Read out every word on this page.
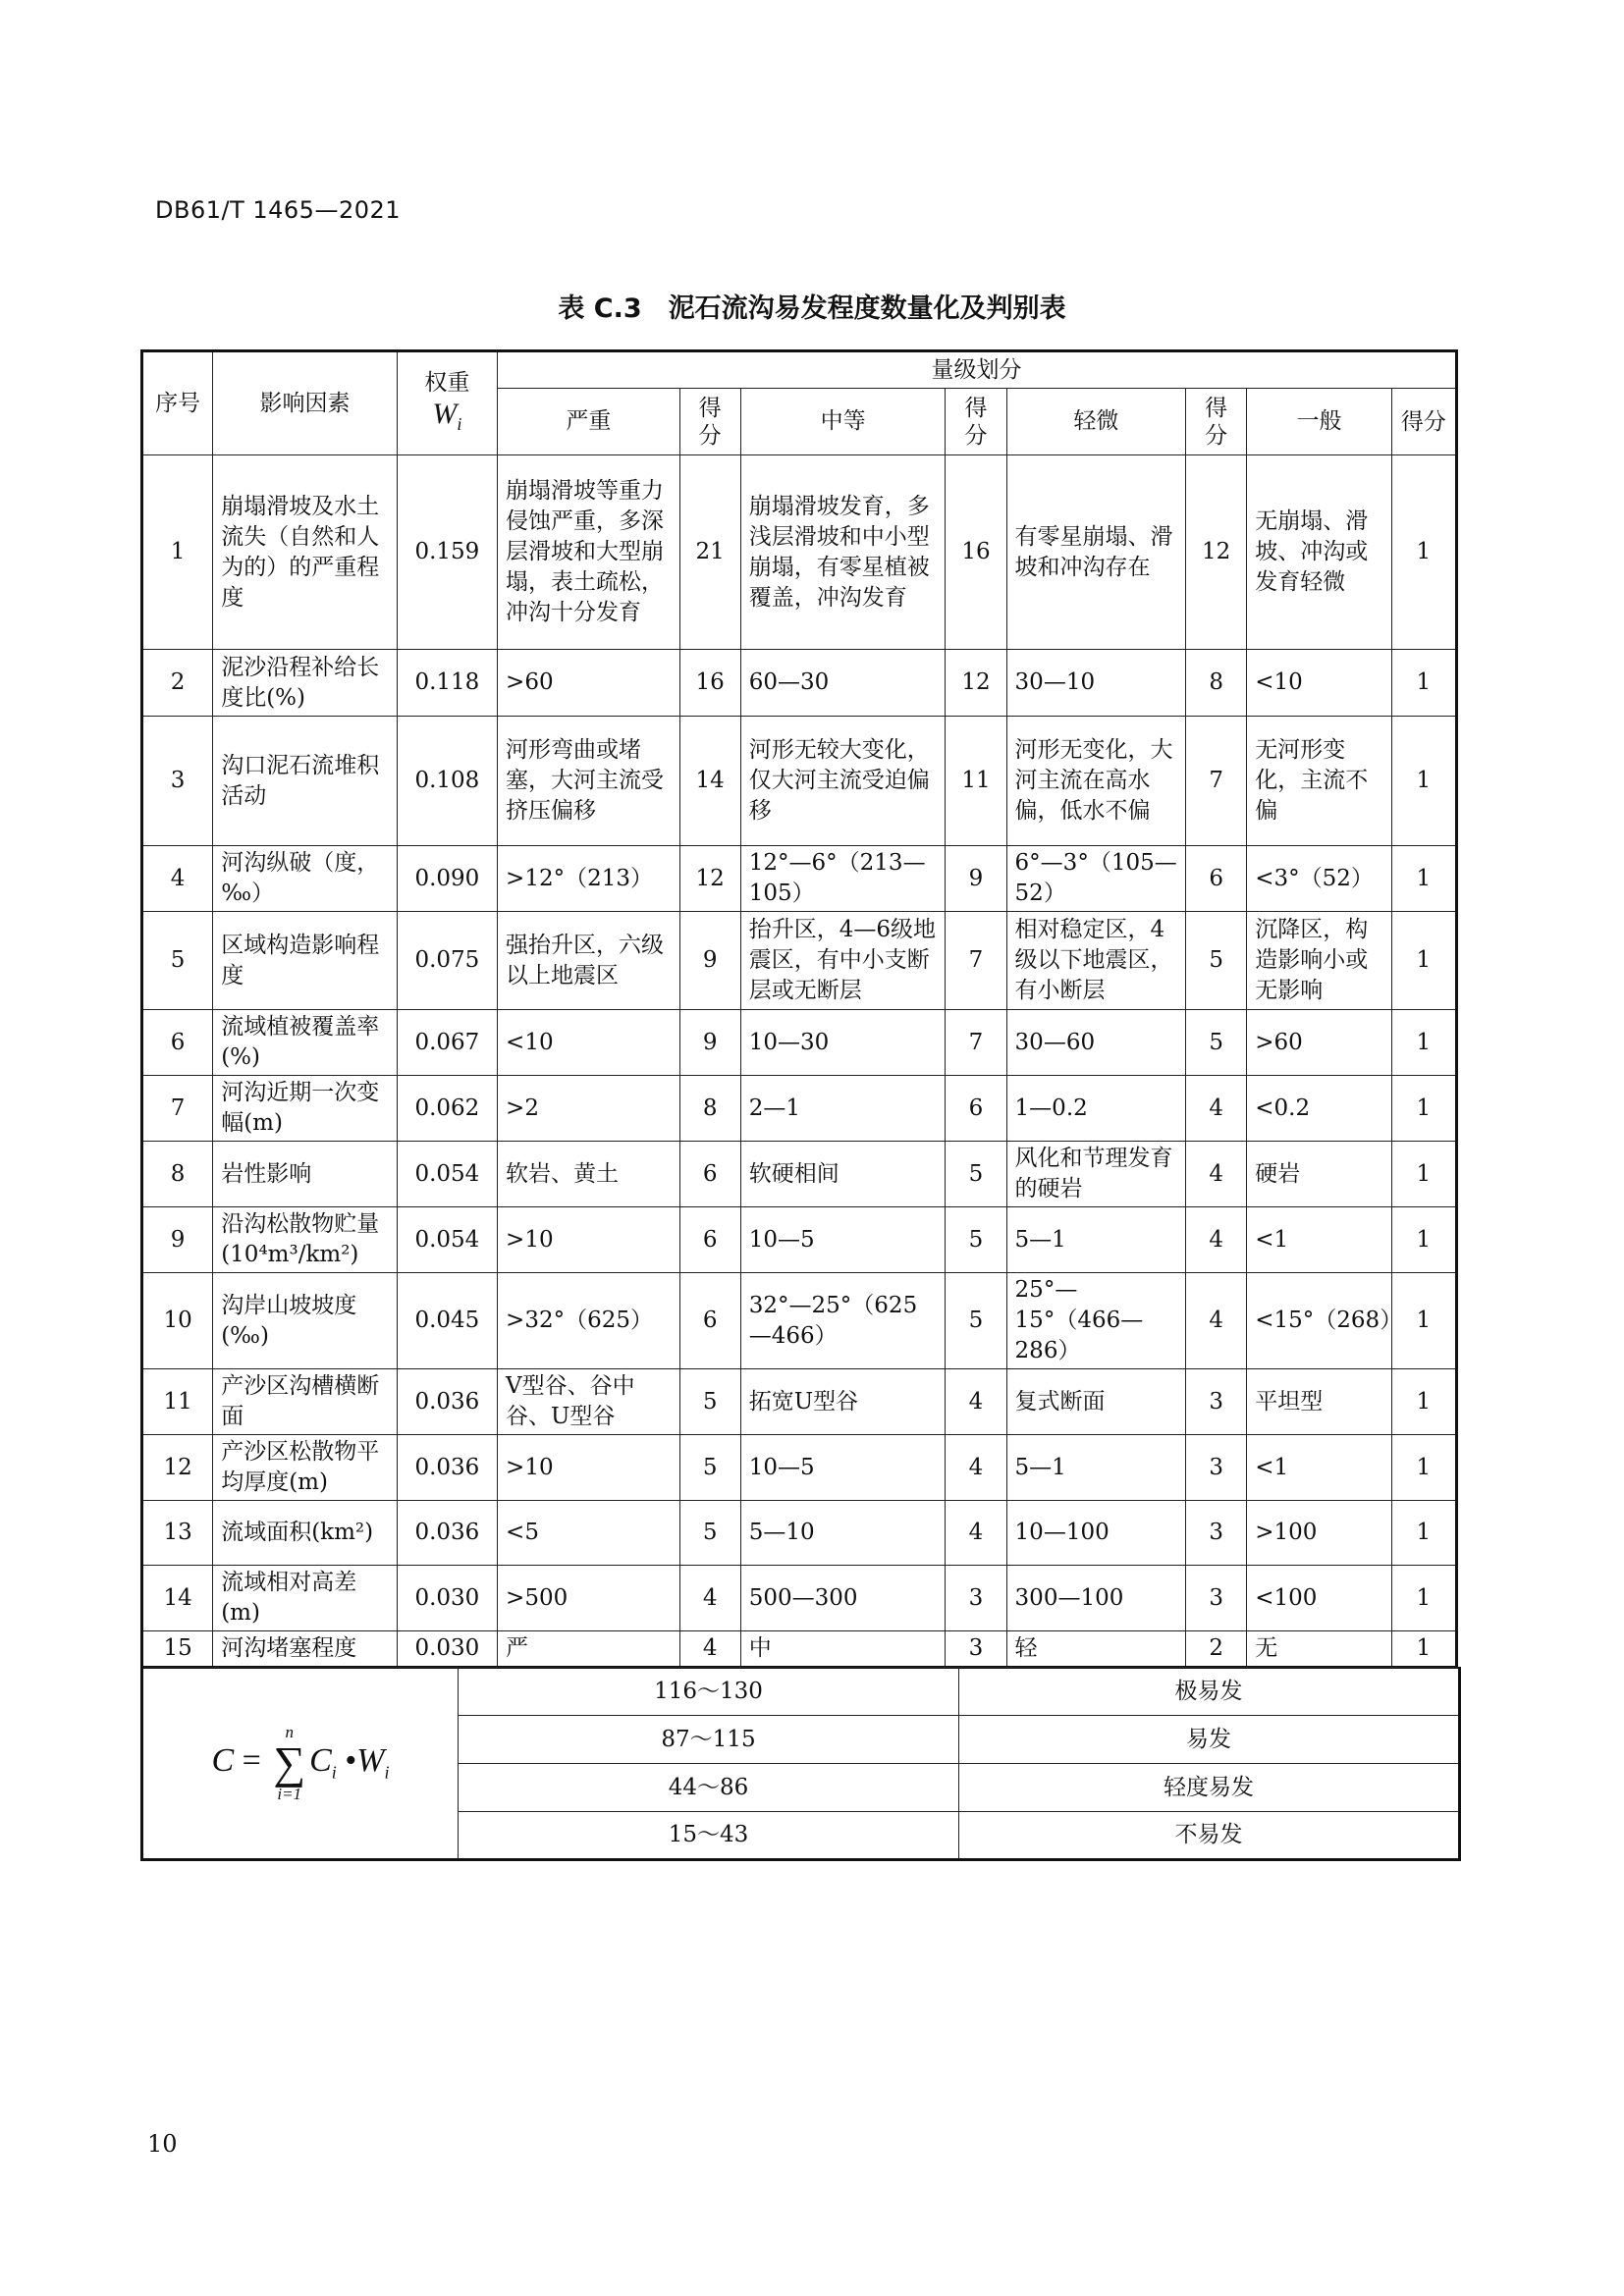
DB61/T 1465—2021
表 C.3　泥石流沟易发程度数量化及判别表
序号	影响因素	权重
$W_i$	量级划分							
			严重	得分	中等	得分	轻微	得分	一般	得分
1	崩塌滑坡及水土流失（自然和人为的）的严重程度	0.159	崩塌滑坡等重力侵蚀严重，多深层滑坡和大型崩塌，表土疏松，冲沟十分发育	21	崩塌滑坡发育，多浅层滑坡和中小型崩塌，有零星植被覆盖，冲沟发育	16	有零星崩塌、滑坡和冲沟存在	12	无崩塌、滑坡、冲沟或发育轻微	1
2	泥沙沿程补给长度比(%)	0.118	>60	16	60—30	12	30—10	8	<10	1
3	沟口泥石流堆积活动	0.108	河形弯曲或堵塞，大河主流受挤压偏移	14	河形无较大变化，仅大河主流受迫偏移	11	河形无变化，大河主流在高水偏，低水不偏	7	无河形变化，主流不偏	1
4	河沟纵破（度，‰）	0.090	>12°（213）	12	12°—6°（213—105）	9	6°—3°（105—52）	6	<3°（52）	1
5	区域构造影响程度	0.075	强抬升区，六级以上地震区	9	抬升区，4—6级地震区，有中小支断层或无断层	7	相对稳定区，4级以下地震区，有小断层	5	沉降区，构造影响小或无影响	1
6	流域植被覆盖率(%)	0.067	<10	9	10—30	7	30—60	5	>60	1
7	河沟近期一次变幅(m)	0.062	>2	8	2—1	6	1—0.2	4	<0.2	1
8	岩性影响	0.054	软岩、黄土	6	软硬相间	5	风化和节理发育的硬岩	4	硬岩	1
9	沿沟松散物贮量(10⁴m³/km²)	0.054	>10	6	10—5	5	5—1	4	<1	1
10	沟岸山坡坡度(‰)	0.045	>32°（625）	6	32°—25°（625—466）	5	25°—15°（466—286）	4	<15°（268）	1
11	产沙区沟槽横断面	0.036	V型谷、谷中谷、U型谷	5	拓宽U型谷	4	复式断面	3	平坦型	1
12	产沙区松散物平均厚度(m)	0.036	>10	5	10—5	4	5—1	3	<1	1
13	流域面积(km²)	0.036	<5	5	5—10	4	10—100	3	>100	1
14	流域相对高差(m)	0.030	>500	4	500—300	3	300—100	3	<100	1
15	河沟堵塞程度	0.030	严	4	中	3	轻	2	无	1
C =
n
∑
i=1
$C_i$ $•W_i$	116～130	极易发
	87～115	易发
	44～86	轻度易发
	15～43	不易发
10
